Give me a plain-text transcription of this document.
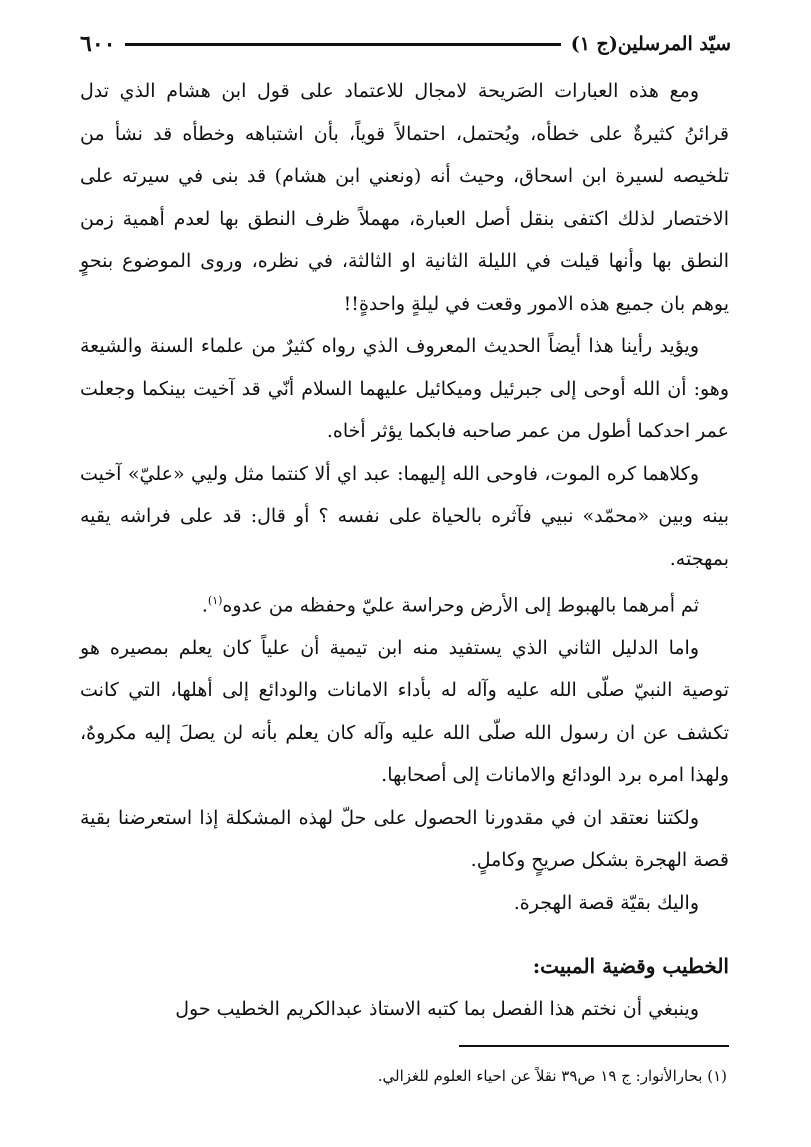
سيّد المرسلين(ج ١)
٦٠٠

ومع هذه العبارات الصَريحة لامجال للاعتماد على قول ابن هشام الذي تدل قرائنُ كثيرةٌ على خطأه، ويُحتمل، احتمالاً قوياً، بأن اشتباهه وخطأه قد نشأ من تلخيصه لسيرة ابن اسحاق، وحيث أنه (ونعني ابن هشام) قد بنى في سيرته على الاختصار لذلك اكتفى بنقل أصل العبارة، مهملاً ظرف النطق بها لعدم أهمية زمن النطق بها وأنها قيلت في الليلة الثانية او الثالثة، في نظره، وروى الموضوع بنحوٍ يوهم بان جميع هذه الامور وقعت في ليلةٍ واحدةٍ!!

ويؤيد رأينا هذا أيضاً الحديث المعروف الذي رواه كثيرٌ من علماء السنة والشيعة وهو: أن الله أوحى إلى جبرئيل وميكائيل عليهما السلام أنّي قد آخيت بينكما وجعلت عمر احدكما أطول من عمر صاحبه فابكما يؤثر أخاه.

وكلاهما كره الموت، فاوحى الله إليهما: عبد اي ألا كنتما مثل وليي «عليّ» آخيت بينه وبين «محمّد» نبيي فآثره بالحياة على نفسه ؟ أو قال: قد على فراشه يقيه بمهجته.

ثم أمرهما بالهبوط إلى الأرض وحراسة عليّ وحفظه من عدوه$^{(١)}$.

واما الدليل الثاني الذي يستفيد منه ابن تيمية أن علياً كان يعلم بمصيره هو توصية النبيّ صلّى الله عليه وآله له بأداء الامانات والودائع إلى أهلها، التي كانت تكشف عن ان رسول الله صلّى الله عليه وآله كان يعلم بأنه لن يصلَ إليه مكروهٌ، ولهذا امره برد الودائع والامانات إلى أصحابها.

ولكتنا نعتقد ان في مقدورنا الحصول على حلّ لهذه المشكلة إذا استعرضنا بقية قصة الهجرة بشكل صريحٍ وكاملٍ.

واليك بقيّة قصة الهجرة.

الخطيب وقضية المبيت:

وينبغي أن نختم هذا الفصل بما كتبه الاستاذ عبدالكريم الخطيب حول

(١) بحارالأنوار: ج ١٩ ص٣٩ نقلاً عن احياء العلوم للغزالي.
